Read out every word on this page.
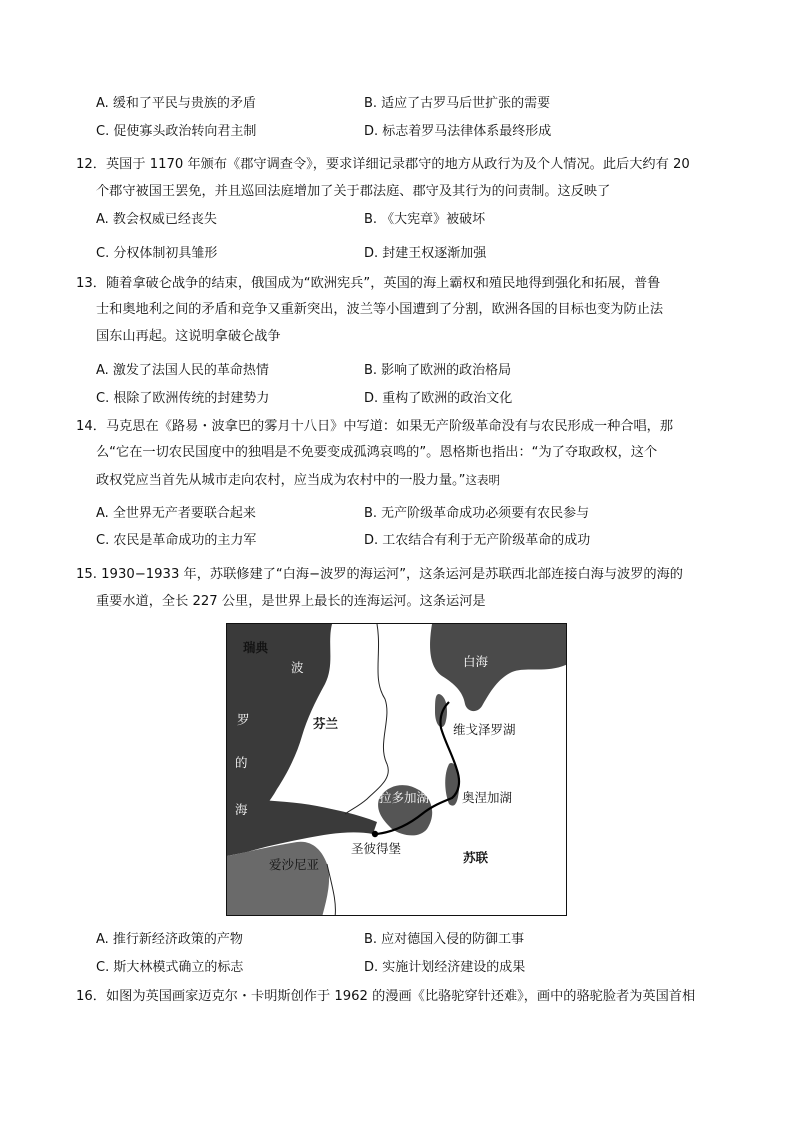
A. 缓和了平民与贵族的矛盾	B. 适应了古罗马后世扩张的需要
C. 促使寡头政治转向君主制	D. 标志着罗马法律体系最终形成
12．英国于 1170 年颁布《郡守调查令》，要求详细记录郡守的地方从政行为及个人情况。此后大约有 20
个郡守被国王罢免，并且巡回法庭增加了关于郡法庭、郡守及其行为的问责制。这反映了
A. 教会权威已经丧失	B. 《大宪章》被破坏
C. 分权体制初具雏形	D. 封建王权逐渐加强
13．随着拿破仑战争的结束，俄国成为“欧洲宪兵”，英国的海上霸权和殖民地得到强化和拓展，普鲁
士和奥地利之间的矛盾和竞争又重新突出，波兰等小国遭到了分割，欧洲各国的目标也变为防止法
国东山再起。这说明拿破仑战争
A. 激发了法国人民的革命热情	B. 影响了欧洲的政治格局
C. 根除了欧洲传统的封建势力	D. 重构了欧洲的政治文化
14．马克思在《路易・波拿巴的雾月十八日》中写道：如果无产阶级革命没有与农民形成一种合唱，那
么“它在一切农民国度中的独唱是不免要变成孤鸿哀鸣的”。恩格斯也指出：“为了夺取政权，这个
政权党应当首先从城市走向农村，应当成为农村中的一股力量。”这表明
A. 全世界无产者要联合起来	B. 无产阶级革命成功必须要有农民参与
C. 农民是革命成功的主力军	D. 工农结合有利于无产阶级革命的成功
15. 1930−1933 年，苏联修建了“白海−波罗的海运河”，这条运河是苏联西北部连接白海与波罗的海的
重要水道，全长 227 公里，是世界上最长的连海运河。这条运河是
瑞典
波
罗
的
海
芬兰
白海
维戈泽罗湖
拉多加湖	奥涅加湖
圣彼得堡
爱沙尼亚	苏联
A. 推行新经济政策的产物	B. 应对德国入侵的防御工事
C. 斯大林模式确立的标志	D. 实施计划经济建设的成果
16．如图为英国画家迈克尔・卡明斯创作于 1962 的漫画《比骆驼穿针还难》，画中的骆驼脸者为英国首相
